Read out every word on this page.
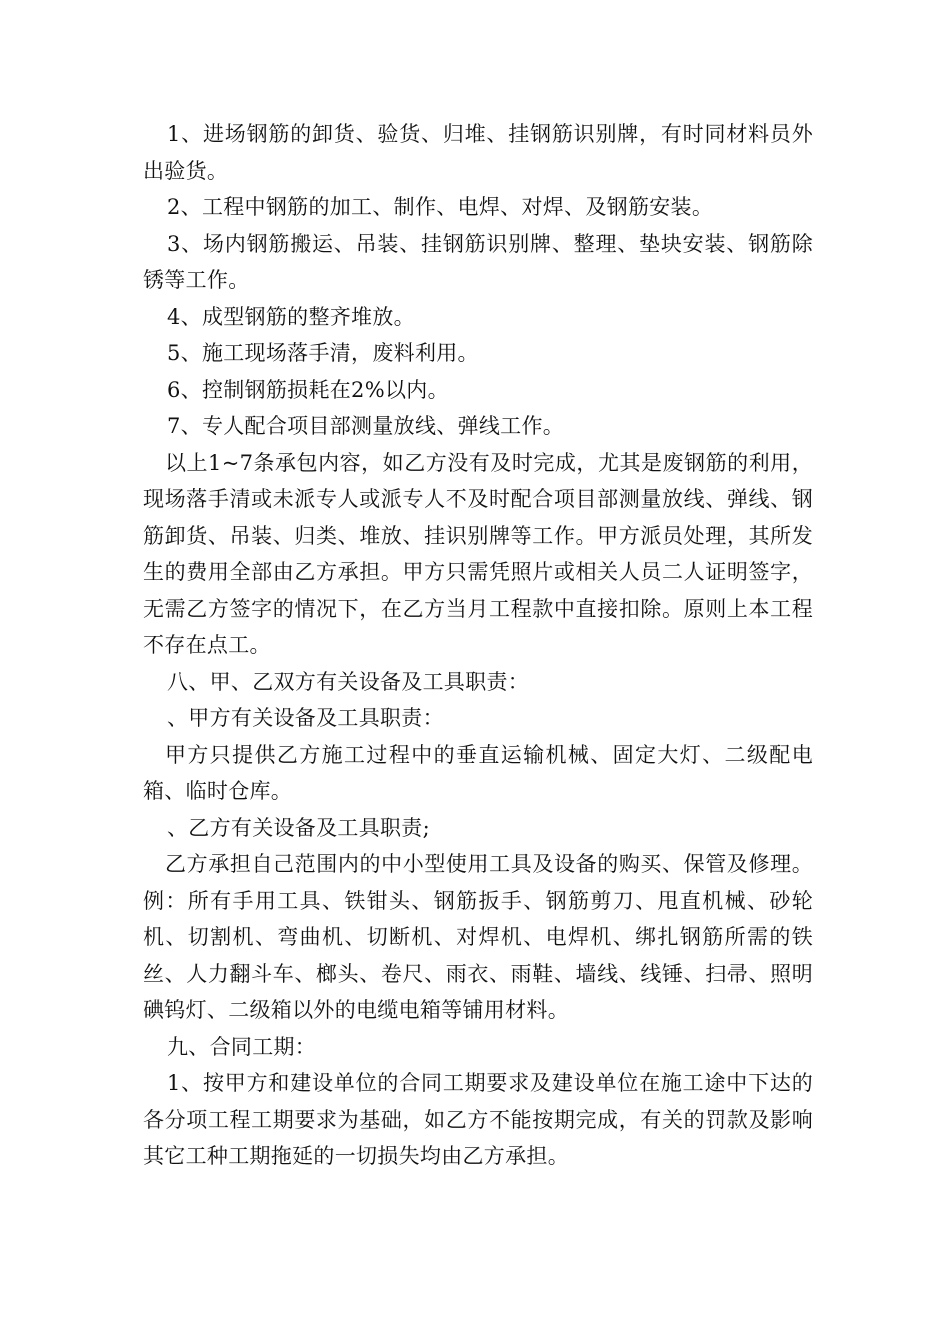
1、进场钢筋的卸货、验货、归堆、挂钢筋识别牌，有时同材料员外出验货。

2、工程中钢筋的加工、制作、电焊、对焊、及钢筋安装。

3、场内钢筋搬运、吊装、挂钢筋识别牌、整理、垫块安装、钢筋除锈等工作。

4、成型钢筋的整齐堆放。

5、施工现场落手清，废料利用。

6、控制钢筋损耗在2%以内。

7、专人配合项目部测量放线、弹线工作。

以上1~7条承包内容，如乙方没有及时完成，尤其是废钢筋的利用，现场落手清或未派专人或派专人不及时配合项目部测量放线、弹线、钢筋卸货、吊装、归类、堆放、挂识别牌等工作。甲方派员处理，其所发生的费用全部由乙方承担。甲方只需凭照片或相关人员二人证明签字，无需乙方签字的情况下，在乙方当月工程款中直接扣除。原则上本工程不存在点工。

八、甲、乙双方有关设备及工具职责：

、甲方有关设备及工具职责：

甲方只提供乙方施工过程中的垂直运输机械、固定大灯、二级配电箱、临时仓库。

、乙方有关设备及工具职责;

乙方承担自己范围内的中小型使用工具及设备的购买、保管及修理。例：所有手用工具、铁钳头、钢筋扳手、钢筋剪刀、甩直机械、砂轮机、切割机、弯曲机、切断机、对焊机、电焊机、绑扎钢筋所需的铁丝、人力翻斗车、榔头、卷尺、雨衣、雨鞋、墙线、线锤、扫帚、照明碘钨灯、二级箱以外的电缆电箱等铺用材料。

九、合同工期：

1、按甲方和建设单位的合同工期要求及建设单位在施工途中下达的各分项工程工期要求为基础，如乙方不能按期完成，有关的罚款及影响其它工种工期拖延的一切损失均由乙方承担。
